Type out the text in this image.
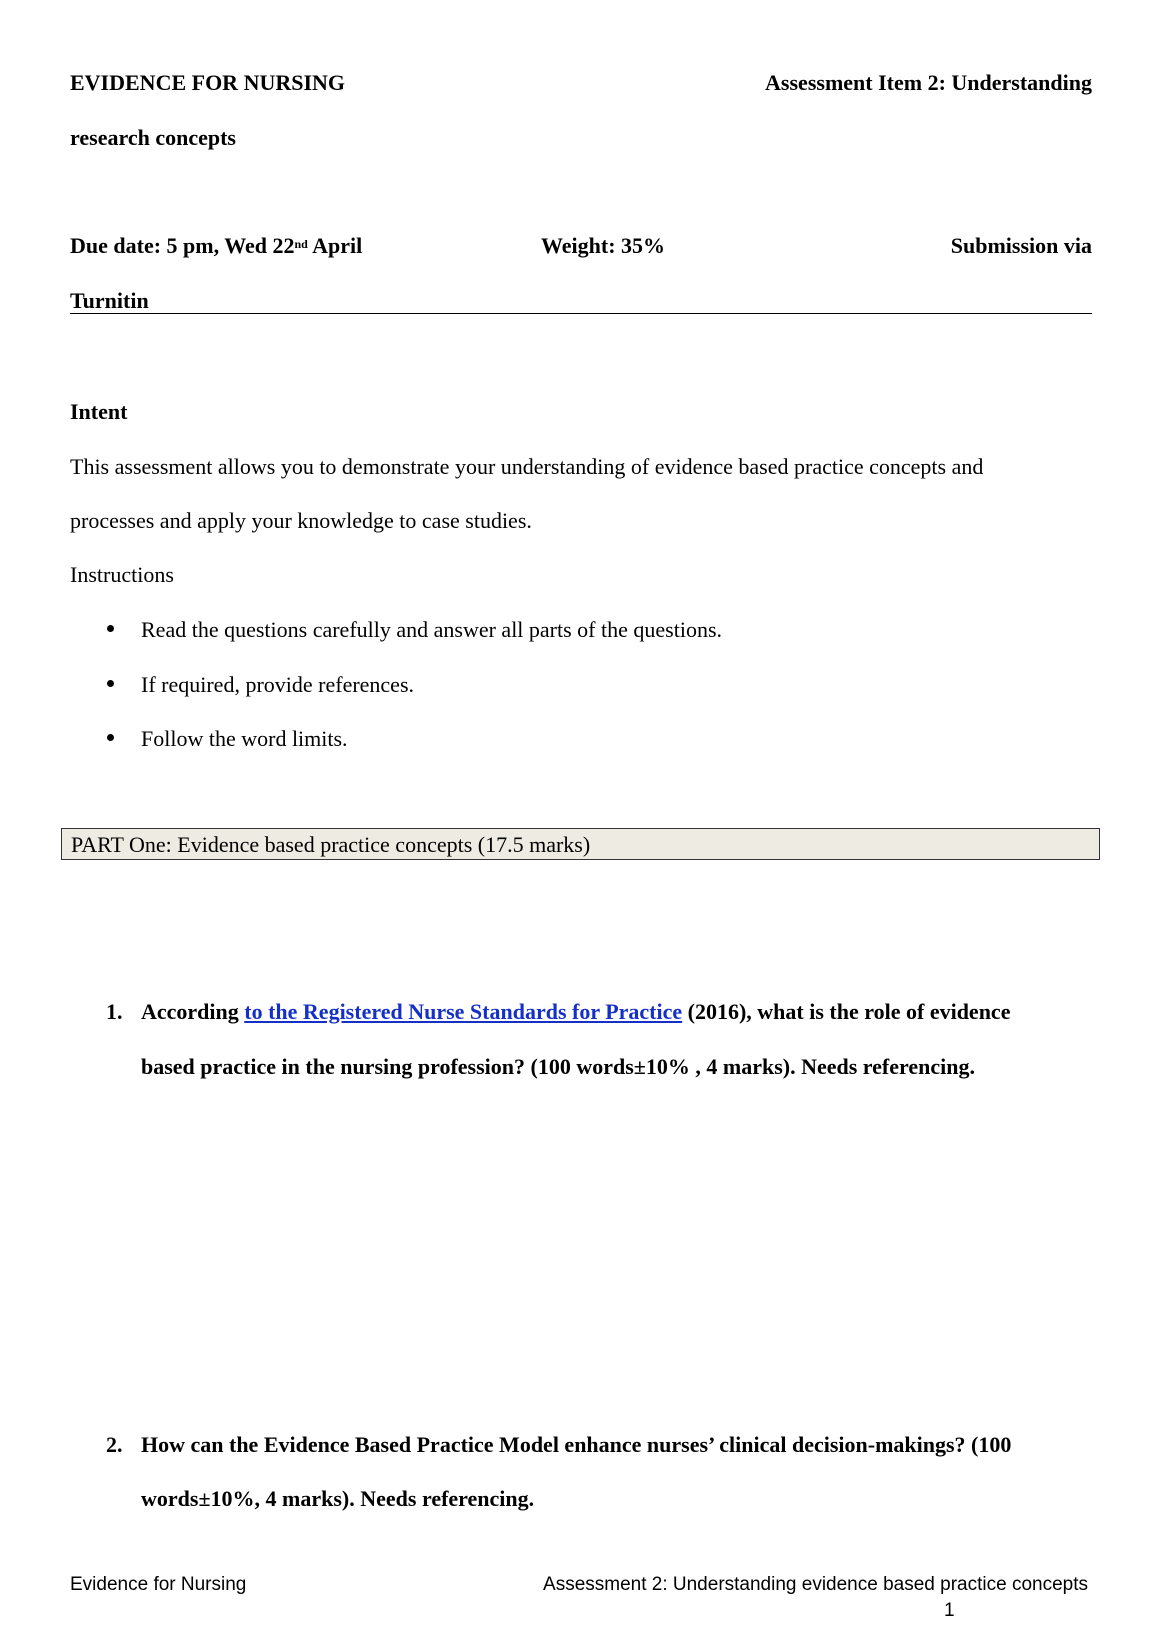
EVIDENCE FOR NURSING	Assessment Item 2: Understanding
research concepts
Due date: 5 pm, Wed 22nd April	Weight: 35%	Submission via
Turnitin
Intent
This assessment allows you to demonstrate your understanding of evidence based practice concepts and
processes and apply your knowledge to case studies.
Instructions
Read the questions carefully and answer all parts of the questions.
If required, provide references.
Follow the word limits.
PART One: Evidence based practice concepts (17.5 marks)
1. According to the Registered Nurse Standards for Practice (2016), what is the role of evidence
based practice in the nursing profession? (100 words±10% , 4 marks). Needs referencing.
2. How can the Evidence Based Practice Model enhance nurses’ clinical decision-makings? (100
words±10%, 4 marks). Needs referencing.
Evidence for Nursing	Assessment 2: Understanding evidence based practice concepts
1
